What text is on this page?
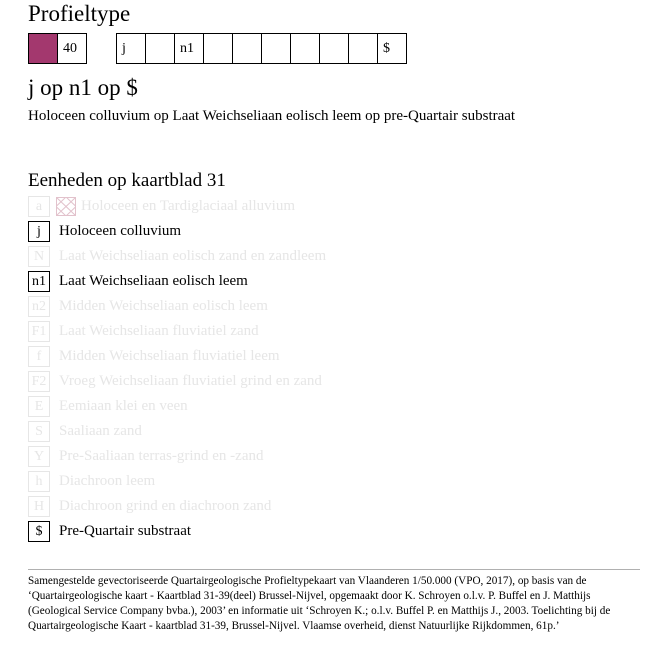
Profieltype
40	j	n1	$
j op n1 op $
Holoceen colluvium op Laat Weichseliaan eolisch leem op pre-Quartair substraat
Eenheden op kaartblad 31
a	Holoceen en Tardiglaciaal alluvium
j	Holoceen colluvium
N Laat Weichseliaan eolisch zand en zandleem
n1 Laat Weichseliaan eolisch leem
n2 Midden Weichseliaan eolisch leem
F1 Laat Weichseliaan fluviatiel zand
f	Midden Weichseliaan fluviatiel leem
F2 Vroeg Weichseliaan fluviatiel grind en zand
E	Eemiaan klei en veen
S	Saaliaan zand
Y Pre-Saaliaan terras-grind en -zand
h	Diachroon leem
H Diachroon grind en diachroon zand
$	Pre-Quartair substraat
Samengestelde gevectoriseerde Quartairgeologische Profieltypekaart van Vlaanderen 1/50.000 (VPO, 2017), op basis van de ‘Quartairgeologische kaart - Kaartblad 31-39(deel) Brussel-Nijvel, opgemaakt door K. Schroyen o.l.v. P. Buffel en J. Matthijs (Geological Service Company bvba.), 2003’ en informatie uit ‘Schroyen K.; o.l.v. Buffel P. en Matthijs J., 2003. Toelichting bij de Quartairgeologische Kaart - kaartblad 31-39, Brussel-Nijvel. Vlaamse overheid, dienst Natuurlijke Rijkdommen, 61p.’
